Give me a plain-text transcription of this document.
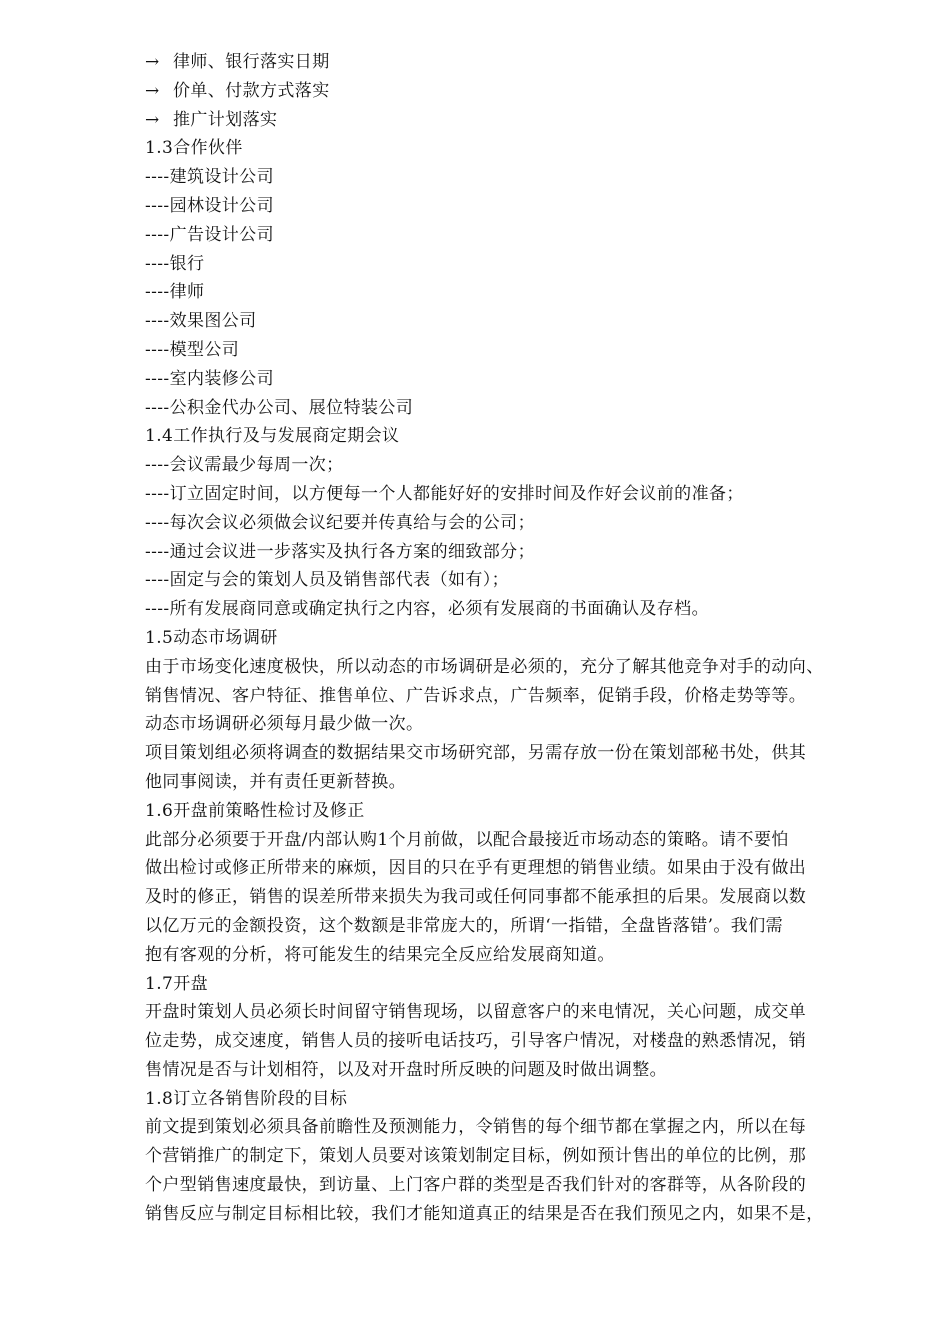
→ 律师、银行落实日期
→ 价单、付款方式落实
→ 推广计划落实
1.3合作伙伴
----建筑设计公司
----园林设计公司
----广告设计公司
----银行
----律师
----效果图公司
----模型公司
----室内装修公司
----公积金代办公司、展位特装公司
1.4工作执行及与发展商定期会议
----会议需最少每周一次；
----订立固定时间，以方便每一个人都能好好的安排时间及作好会议前的准备；
----每次会议必须做会议纪要并传真给与会的公司；
----通过会议进一步落实及执行各方案的细致部分；
----固定与会的策划人员及销售部代表（如有）；
----所有发展商同意或确定执行之内容，必须有发展商的书面确认及存档。
1.5动态市场调研
由于市场变化速度极快，所以动态的市场调研是必须的，充分了解其他竞争对手的动向、
销售情况、客户特征、推售单位、广告诉求点，广告频率，促销手段，价格走势等等。
动态市场调研必须每月最少做一次。
项目策划组必须将调查的数据结果交市场研究部，另需存放一份在策划部秘书处，供其
他同事阅读，并有责任更新替换。
1.6开盘前策略性检讨及修正
此部分必须要于开盘/内部认购1个月前做，以配合最接近市场动态的策略。请不要怕
做出检讨或修正所带来的麻烦，因目的只在乎有更理想的销售业绩。如果由于没有做出
及时的修正，销售的误差所带来损失为我司或任何同事都不能承担的后果。发展商以数
以亿万元的金额投资，这个数额是非常庞大的，所谓‘一指错，全盘皆落错’。我们需
抱有客观的分析，将可能发生的结果完全反应给发展商知道。
1.7开盘
开盘时策划人员必须长时间留守销售现场，以留意客户的来电情况，关心问题，成交单
位走势，成交速度，销售人员的接听电话技巧，引导客户情况，对楼盘的熟悉情况，销
售情况是否与计划相符，以及对开盘时所反映的问题及时做出调整。
1.8订立各销售阶段的目标
前文提到策划必须具备前瞻性及预测能力，令销售的每个细节都在掌握之内，所以在每
个营销推广的制定下，策划人员要对该策划制定目标，例如预计售出的单位的比例，那
个户型销售速度最快，到访量、上门客户群的类型是否我们针对的客群等，从各阶段的
销售反应与制定目标相比较，我们才能知道真正的结果是否在我们预见之内，如果不是，
